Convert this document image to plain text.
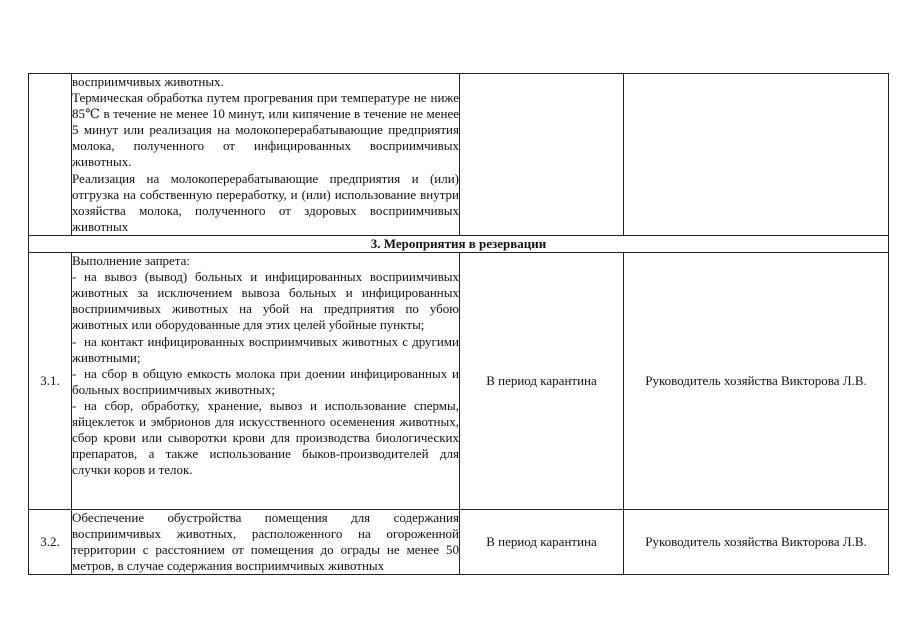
	восприимчивых животных.

Термическая обработка путем прогревания при температуре не ниже 85℃ в течение не менее 10 минут, или кипячение в течение не менее 5 минут или реализация на молокоперерабатывающие предприятия молока, полученного от инфицированных восприимчивых животных.

Реализация на молокоперерабатывающие предприятия и (или) отгрузка на собственную переработку, и (или) использование внутри хозяйства молока, полученного от здоровых восприимчивых животных		

3. Мероприятия в резервации			
3.1.	Выполнение запрета:

- на вывоз (вывод) больных и инфицированных восприимчивых животных за исключением вывоза больных и инфицированных восприимчивых животных на убой на предприятия по убою животных или оборудованные для этих целей убойные пункты;

- на контакт инфицированных восприимчивых животных с другими животными;

- на сбор в общую емкость молока при доении инфицированных и больных восприимчивых животных;

- на сбор, обработку, хранение, вывоз и использование спермы, яйцеклеток и эмбрионов для искусственного осеменения животных, сбор крови или сыворотки крови для производства биологических препаратов, а также использование быков-производителей для случки коров и телок.	В период карантина	Руководитель хозяйства Викторова Л.В.
3.2.	Обеспечение обустройства помещения для содержания восприимчивых животных, расположенного на огороженной территории с расстоянием от помещения до ограды не менее 50 метров, в случае содержания восприимчивых животных	В период карантина	Руководитель хозяйства Викторова Л.В.
